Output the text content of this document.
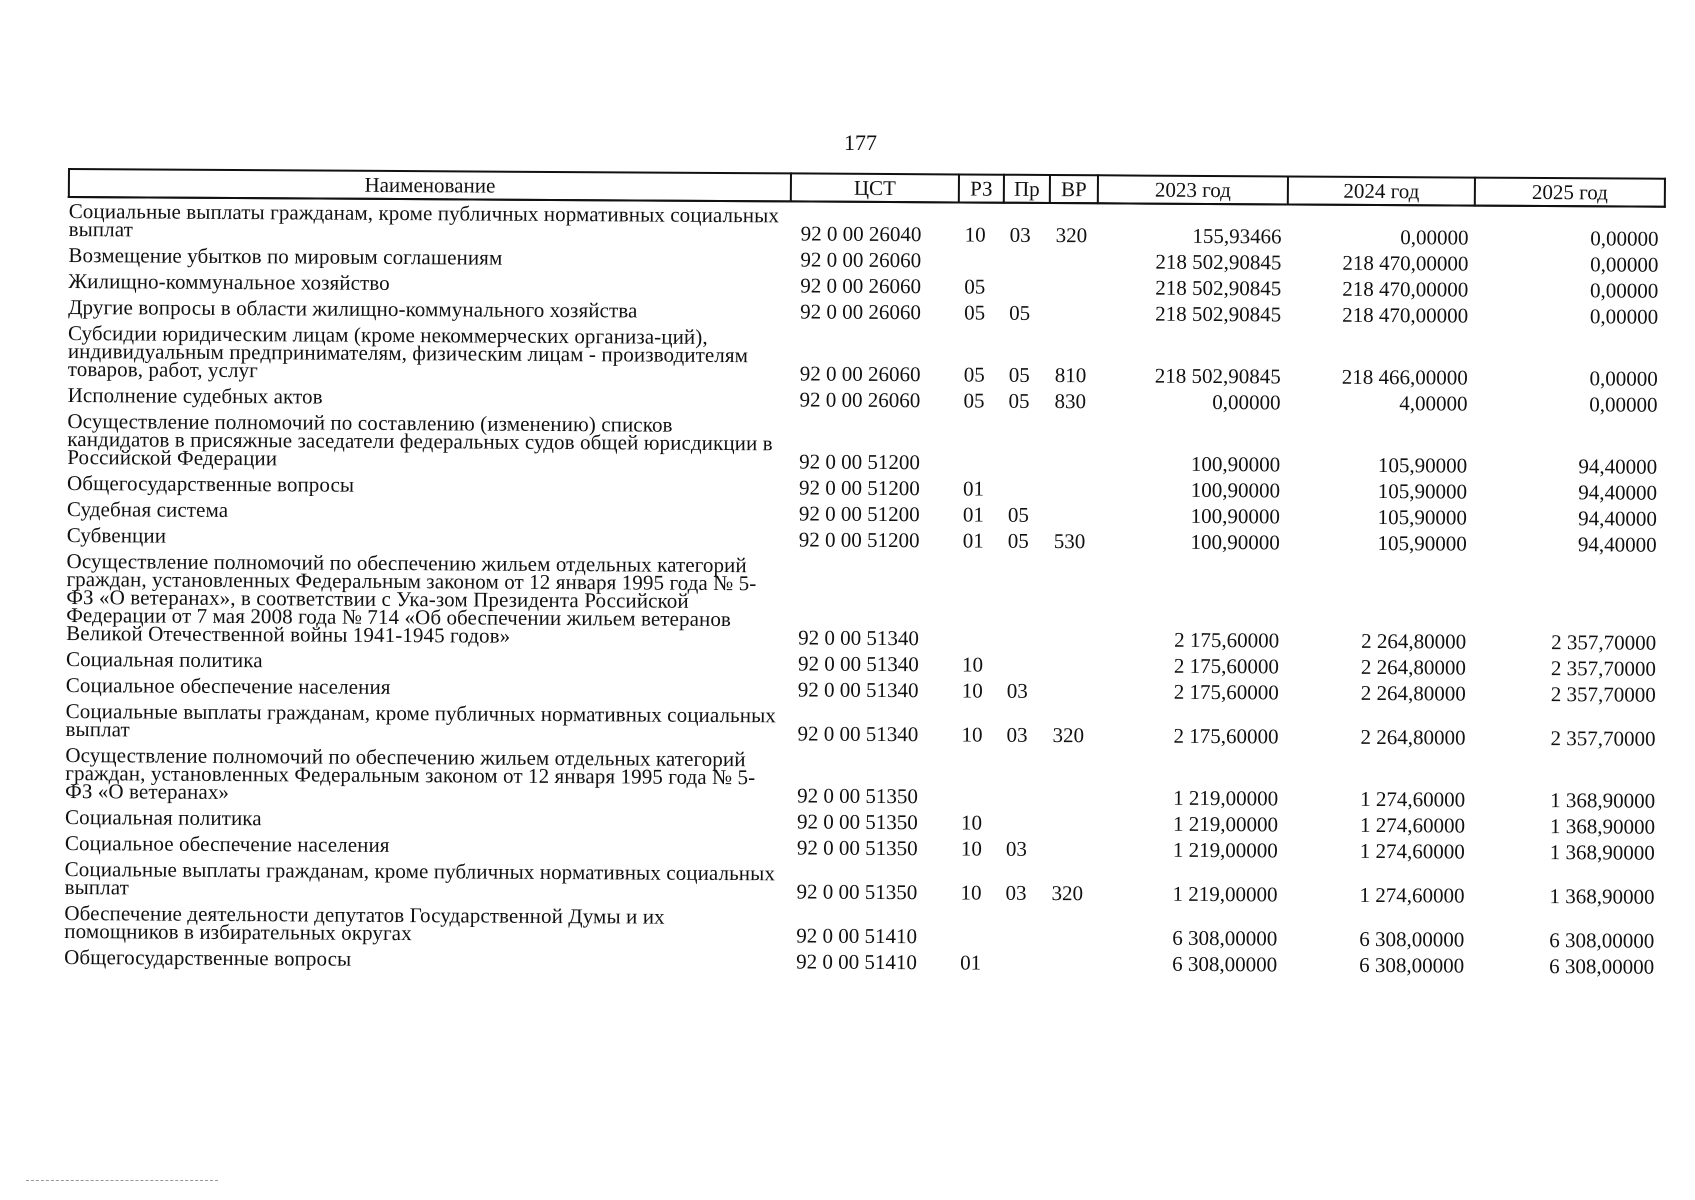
177
Наименование	ЦСТ	РЗ	Пр	ВР	2023 год	2024 год	2025 год
Социальные выплаты гражданам, кроме публичных нормативных социальных выплат	92 0 00 26040	10	03	320	155,93466	0,00000	0,00000
Возмещение убытков по мировым соглашениям	92 0 00 26060				218 502,90845	218 470,00000	0,00000
Жилищно-коммунальное хозяйство	92 0 00 26060	05			218 502,90845	218 470,00000	0,00000
Другие вопросы в области жилищно-коммунального хозяйства	92 0 00 26060	05	05		218 502,90845	218 470,00000	0,00000
Субсидии юридическим лицам (кроме некоммерческих организа-ций), индивидуальным предпринимателям, физическим лицам - производителям товаров, работ, услуг	92 0 00 26060	05	05	810	218 502,90845	218 466,00000	0,00000
Исполнение судебных актов	92 0 00 26060	05	05	830	0,00000	4,00000	0,00000
Осуществление полномочий по составлению (изменению) списков кандидатов в присяжные заседатели федеральных судов общей юрисдикции в Российской Федерации	92 0 00 51200				100,90000	105,90000	94,40000
Общегосударственные вопросы	92 0 00 51200	01			100,90000	105,90000	94,40000
Судебная система	92 0 00 51200	01	05		100,90000	105,90000	94,40000
Субвенции	92 0 00 51200	01	05	530	100,90000	105,90000	94,40000
Осуществление полномочий по обеспечению жильем отдельных категорий граждан, установленных Федеральным законом от 12 января 1995 года № 5-ФЗ «О ветеранах», в соответствии с Ука-зом Президента Российской Федерации от 7 мая 2008 года № 714 «Об обеспечении жильем ветеранов Великой Отечественной войны 1941-1945 годов»	92 0 00 51340				2 175,60000	2 264,80000	2 357,70000
Социальная политика	92 0 00 51340	10			2 175,60000	2 264,80000	2 357,70000
Социальное обеспечение населения	92 0 00 51340	10	03		2 175,60000	2 264,80000	2 357,70000
Социальные выплаты гражданам, кроме публичных нормативных социальных выплат	92 0 00 51340	10	03	320	2 175,60000	2 264,80000	2 357,70000
Осуществление полномочий по обеспечению жильем отдельных категорий граждан, установленных Федеральным законом от 12 января 1995 года № 5-ФЗ «О ветеранах»	92 0 00 51350				1 219,00000	1 274,60000	1 368,90000
Социальная политика	92 0 00 51350	10			1 219,00000	1 274,60000	1 368,90000
Социальное обеспечение населения	92 0 00 51350	10	03		1 219,00000	1 274,60000	1 368,90000
Социальные выплаты гражданам, кроме публичных нормативных социальных выплат	92 0 00 51350	10	03	320	1 219,00000	1 274,60000	1 368,90000
Обеспечение деятельности депутатов Государственной Думы и их помощников в избирательных округах	92 0 00 51410				6 308,00000	6 308,00000	6 308,00000
Общегосударственные вопросы	92 0 00 51410	01			6 308,00000	6 308,00000	6 308,00000
